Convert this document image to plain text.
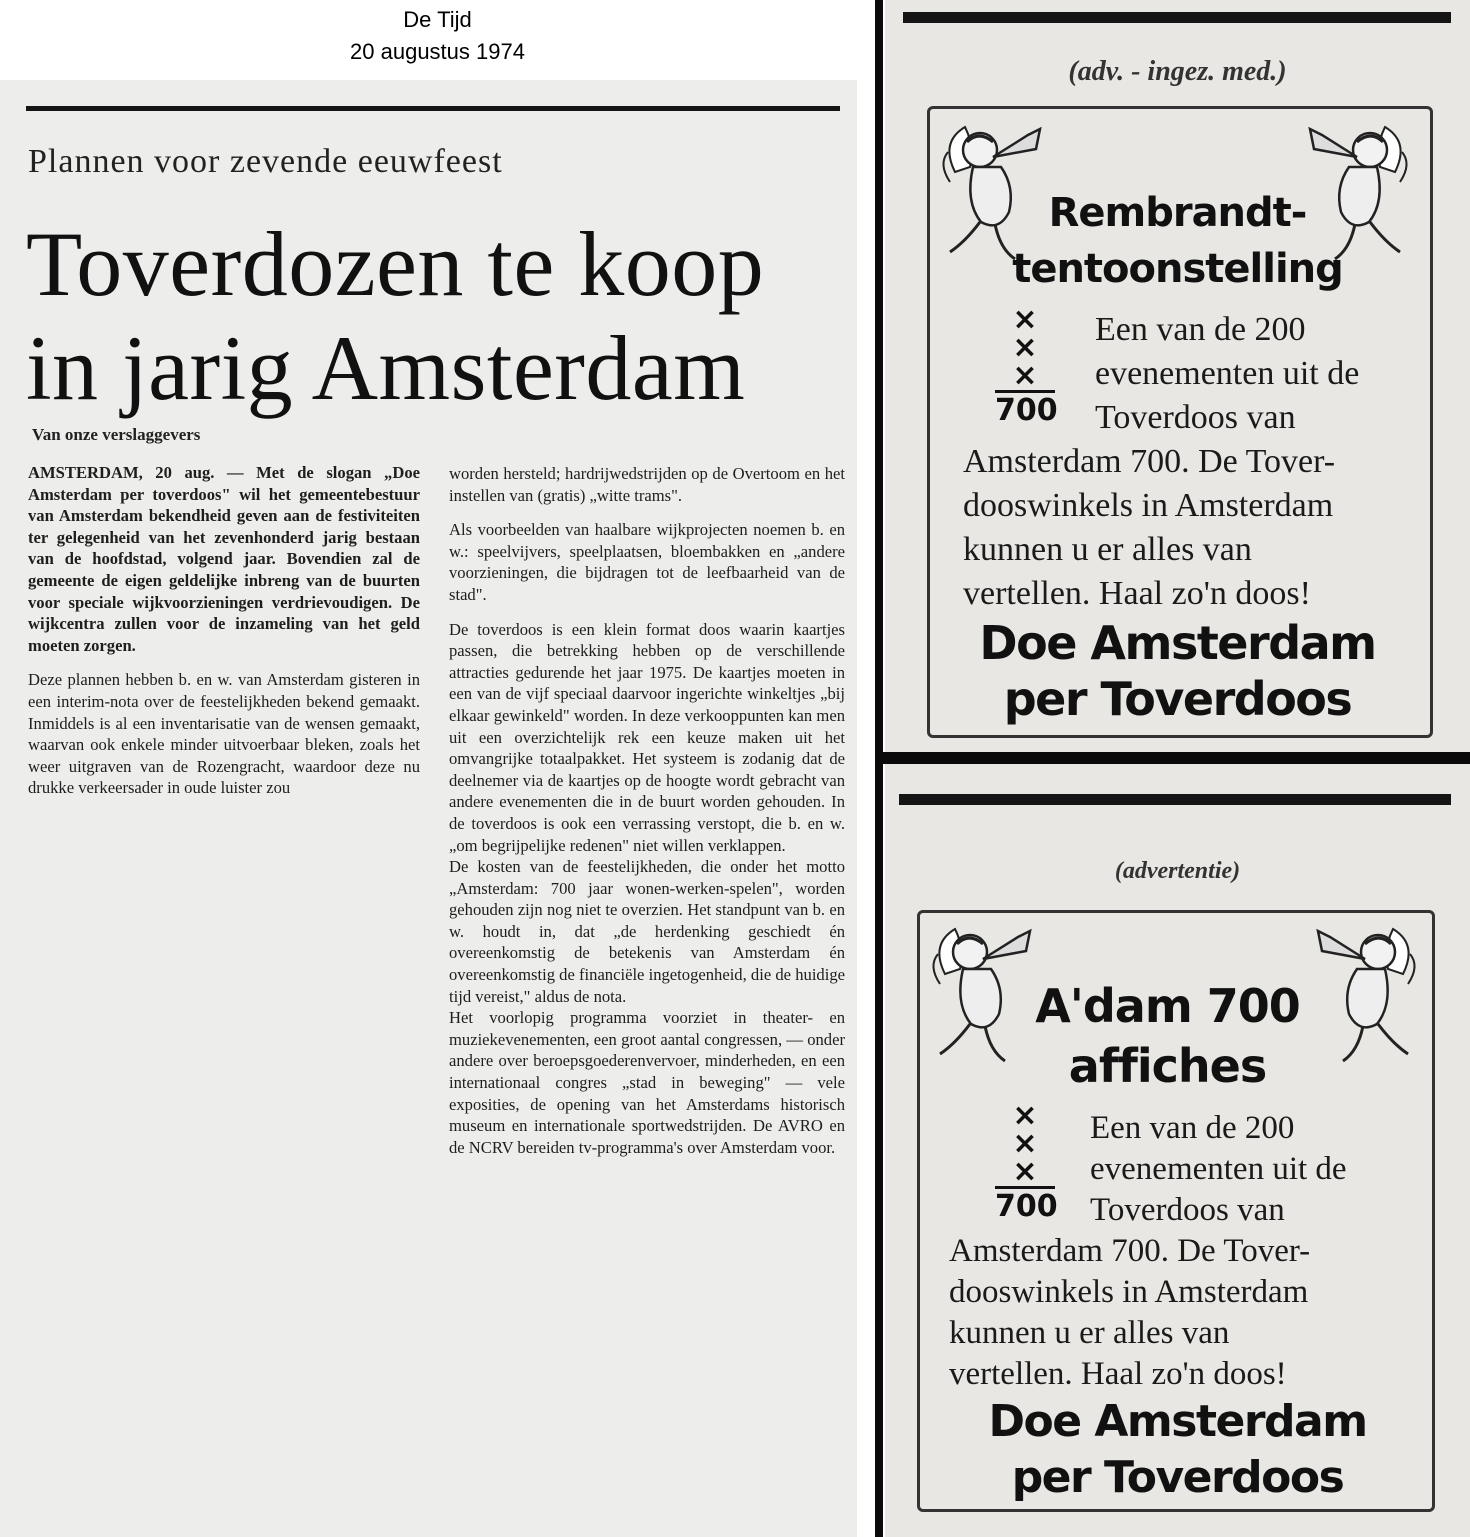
De Tijd
20 augustus 1974
Plannen voor zevende eeuwfeest
Toverdozen te koop
in jarig Amsterdam
Van onze verslaggevers

AMSTERDAM, 20 aug. — Met de slogan „Doe Amsterdam per toverdoos" wil het gemeentebestuur van Amsterdam bekendheid geven aan de festiviteiten ter gelegenheid van het zevenhonderd jarig bestaan van de hoofdstad, volgend jaar. Bovendien zal de gemeente de eigen geldelijke inbreng van de buurten voor speciale wijkvoorzieningen verdrievoudigen. De wijkcentra zullen voor de inzameling van het geld moeten zorgen.

Deze plannen hebben b. en w. van Amsterdam gisteren in een interim-nota over de feestelijkheden bekend gemaakt. Inmiddels is al een inventarisatie van de wensen gemaakt, waarvan ook enkele minder uitvoerbaar bleken, zoals het weer uitgraven van de Rozengracht, waardoor deze nu drukke verkeersader in oude luister zou

worden hersteld; hardrijwedstrijden op de Overtoom en het instellen van (gratis) „witte trams".

Als voorbeelden van haalbare wijkprojecten noemen b. en w.: speelvijvers, speelplaatsen, bloembakken en „andere voorzieningen, die bijdragen tot de leefbaarheid van de stad".

De toverdoos is een klein format doos waarin kaartjes passen, die betrekking hebben op de verschillende attracties gedurende het jaar 1975. De kaartjes moeten in een van de vijf speciaal daarvoor ingerichte winkeltjes „bij elkaar gewinkeld" worden. In deze verkooppunten kan men uit een overzichtelijk rek een keuze maken uit het omvangrijke totaalpakket. Het systeem is zodanig dat de deelnemer via de kaartjes op de hoogte wordt gebracht van andere evenementen die in de buurt worden gehouden. In de toverdoos is ook een verrassing verstopt, die b. en w. „om begrijpelijke redenen" niet willen verklappen.

De kosten van de feestelijkheden, die onder het motto „Amsterdam: 700 jaar wonen-werken-spelen", worden gehouden zijn nog niet te overzien. Het standpunt van b. en w. houdt in, dat „de herdenking geschiedt én overeenkomstig de betekenis van Amsterdam én overeenkomstig de financiële ingetogenheid, die de huidige tijd vereist," aldus de nota.

Het voorlopig programma voorziet in theater- en muziekevenementen, een groot aantal congressen, — onder andere over beroepsgoederenvervoer, minderheden, en een internationaal congres „stad in beweging" — vele exposities, de opening van het Amsterdams historisch museum en internationale sportwedstrijden. De AVRO en de NCRV bereiden tv-programma's over Amsterdam voor.

(adv. - ingez. med.)
Rembrandt-
tentoonstelling
×
×
×
700
Een van de 200
evenementen uit de
Toverdoos van
Amsterdam 700. De Tover-
dooswinkels in Amsterdam
kunnen u er alles van
vertellen. Haal zo'n doos!
Doe Amsterdam
per Toverdoos
(advertentie)
A'dam 700
affiches
×
×
×
700
Een van de 200
evenementen uit de
Toverdoos van
Amsterdam 700. De Tover-
dooswinkels in Amsterdam
kunnen u er alles van
vertellen. Haal zo'n doos!
Doe Amsterdam
per Toverdoos
